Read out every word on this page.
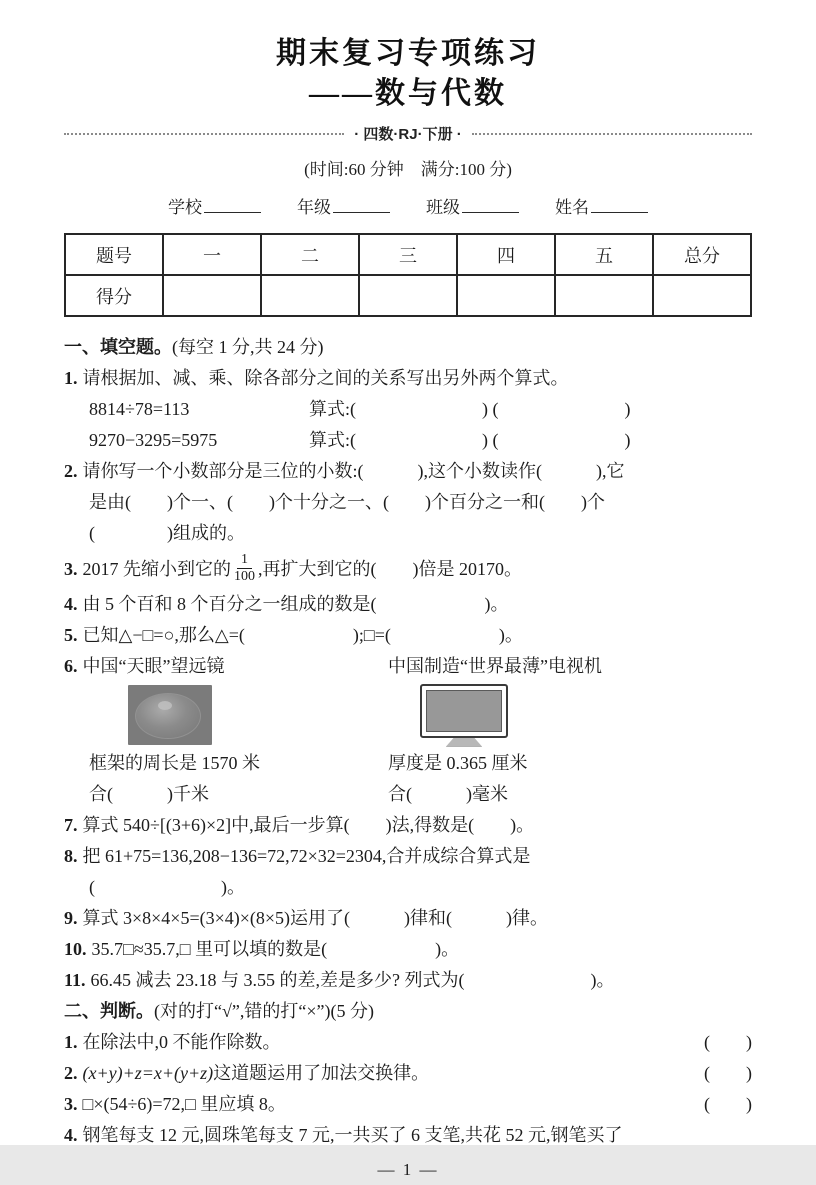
期末复习专项练习
——数与代数
· 四数·RJ·下册 ·
(时间:60 分钟　满分:100 分)
学校	年级	班级	姓名
题号	一	二	三	四	五	总分
得分						
一、填空题。(每空 1 分,共 24 分)
1. 请根据加、减、乘、除各部分之间的关系写出另外两个算式。
8814÷78=113	算式:(　　　　　　　) (　　　　　　　)
9270−3295=5975	算式:(　　　　　　　) (　　　　　　　)
2. 请你写一个小数部分是三位的小数:(　　　),这个小数读作(　　　),它
是由(　　)个一、(　　)个十分之一、(　　)个百分之一和(　　)个
(　　　　)组成的。
3. 2017 先缩小到它的 $\frac{1}{100}$ ,再扩大到它的(　　)倍是 20170。
4. 由 5 个百和 8 个百分之一组成的数是(　　　　　　)。
5. 已知△−□=○,那么△=(　　　　　　);□=(　　　　　　)。
6. 中国“天眼”望远镜
框架的周长是 1570 米
合(　　　)千米
中国制造“世界最薄”电视机
厚度是 0.365 厘米
合(　　　)毫米
7. 算式 540÷[(3+6)×2]中,最后一步算(　　)法,得数是(　　)。
8. 把 61+75=136,208−136=72,72×32=2304,合并成综合算式是
(　　　　　　　)。
9. 算式 3×8×4×5=(3×4)×(8×5)运用了(　　　)律和(　　　)律。
10. 35.7□≈35.7,□ 里可以填的数是(　　　　　　)。
11. 66.45 减去 23.18 与 3.55 的差,差是多少? 列式为(　　　　　　　)。
二、判断。(对的打“√”,错的打“×”)(5 分)
1. 在除法中,0 不能作除数。	(　　)
2. (x+y)+z=x+(y+z)这道题运用了加法交换律。	(　　)
3. □×(54÷6)=72,□ 里应填 8。	(　　)
4. 钢笔每支 12 元,圆珠笔每支 7 元,一共买了 6 支笔,共花 52 元,钢笔买了
— 1 —
